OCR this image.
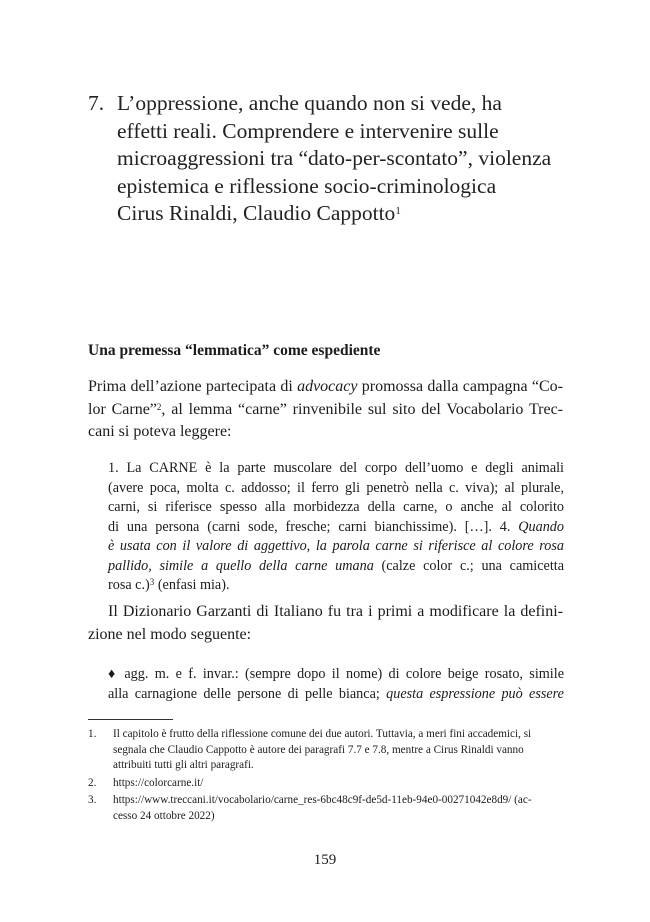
7. L’oppressione, anche quando non si vede, ha
effetti reali. Comprendere e intervenire sulle
microaggressioni tra “dato-per-scontato”, violenza
epistemica e riflessione socio-criminologica
Cirus Rinaldi, Claudio Cappotto$^1$
Una premessa “lemmatica” come espediente
Prima dell’azione partecipata di advocacy promossa dalla campagna “Co-
lor Carne”$^2$, al lemma “carne” rinvenibile sul sito del Vocabolario Trec-
cani si poteva leggere:
1. La CARNE è la parte muscolare del corpo dell’uomo e degli animali
(avere poca, molta c. addosso; il ferro gli penetrò nella c. viva); al plurale,
carni, si riferisce spesso alla morbidezza della carne, o anche al colorito
di una persona (carni sode, fresche; carni bianchissime). […]. 4. Quando
è usata con il valore di aggettivo, la parola carne si riferisce al colore rosa
pallido, simile a quello della carne umana (calze color c.; una camicetta
rosa c.)$^3$ (enfasi mia).
Il Dizionario Garzanti di Italiano fu tra i primi a modificare la defini-
zione nel modo seguente:
♦ agg. m. e f. invar.: (sempre dopo il nome) di colore beige rosato, simile
alla carnagione delle persone di pelle bianca; questa espressione può essere
1. Il capitolo è frutto della riflessione comune dei due autori. Tuttavia, a meri fini accademici, si
segnala che Claudio Cappotto è autore dei paragrafi 7.7 e 7.8, mentre a Cirus Rinaldi vanno
attribuiti tutti gli altri paragrafi.
2. https://colorcarne.it/
3. https://www.treccani.it/vocabolario/carne_res-6bc48c9f-de5d-11eb-94e0-00271042e8d9/ (ac-
cesso 24 ottobre 2022)
159
